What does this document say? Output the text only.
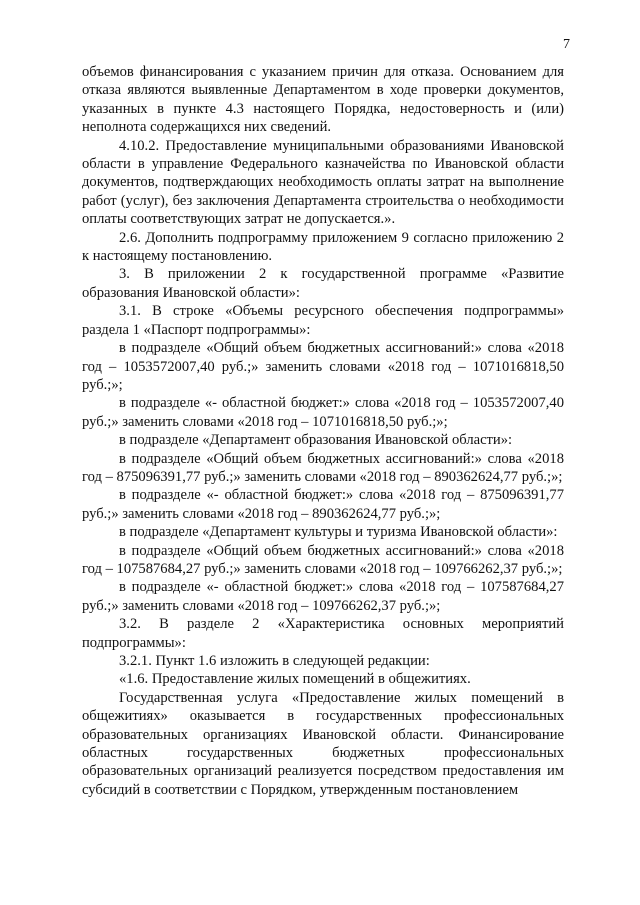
7

объемов финансирования с указанием причин для отказа. Основанием для отказа являются выявленные Департаментом в ходе проверки документов, указанных в пункте 4.3 настоящего Порядка, недостоверность и (или) неполнота содержащихся них сведений.

4.10.2. Предоставление муниципальными образованиями Ивановской области в управление Федерального казначейства по Ивановской области документов, подтверждающих необходимость оплаты затрат на выполнение работ (услуг), без заключения Департамента строительства о необходимости оплаты соответствующих затрат не допускается.».

2.6. Дополнить подпрограмму приложением 9 согласно приложению 2 к настоящему постановлению.

3. В приложении 2 к государственной программе «Развитие образования Ивановской области»:

3.1. В строке «Объемы ресурсного обеспечения подпрограммы» раздела 1 «Паспорт подпрограммы»:

в подразделе «Общий объем бюджетных ассигнований:» слова «2018 год – 1053572007,40 руб.;» заменить словами «2018 год – 1071016818,50 руб.;»;

в подразделе «- областной бюджет:» слова «2018 год – 1053572007,40 руб.;» заменить словами «2018 год – 1071016818,50 руб.;»;

в подразделе «Департамент образования Ивановской области»:

в подразделе «Общий объем бюджетных ассигнований:» слова «2018 год – 875096391,77 руб.;» заменить словами «2018 год – 890362624,77 руб.;»;

в подразделе «- областной бюджет:» слова «2018 год – 875096391,77 руб.;» заменить словами «2018 год – 890362624,77 руб.;»;

в подразделе «Департамент культуры и туризма Ивановской области»:

в подразделе «Общий объем бюджетных ассигнований:» слова «2018 год – 107587684,27 руб.;» заменить словами «2018 год – 109766262,37 руб.;»;

в подразделе «- областной бюджет:» слова «2018 год – 107587684,27 руб.;» заменить словами «2018 год – 109766262,37 руб.;»;

3.2. В разделе 2 «Характеристика основных мероприятий подпрограммы»:

3.2.1. Пункт 1.6 изложить в следующей редакции:

«1.6. Предоставление жилых помещений в общежитиях.

Государственная услуга «Предоставление жилых помещений в общежитиях» оказывается в государственных профессиональных образовательных организациях Ивановской области. Финансирование областных государственных бюджетных профессиональных образовательных организаций реализуется посредством предоставления им субсидий в соответствии с Порядком, утвержденным постановлением
